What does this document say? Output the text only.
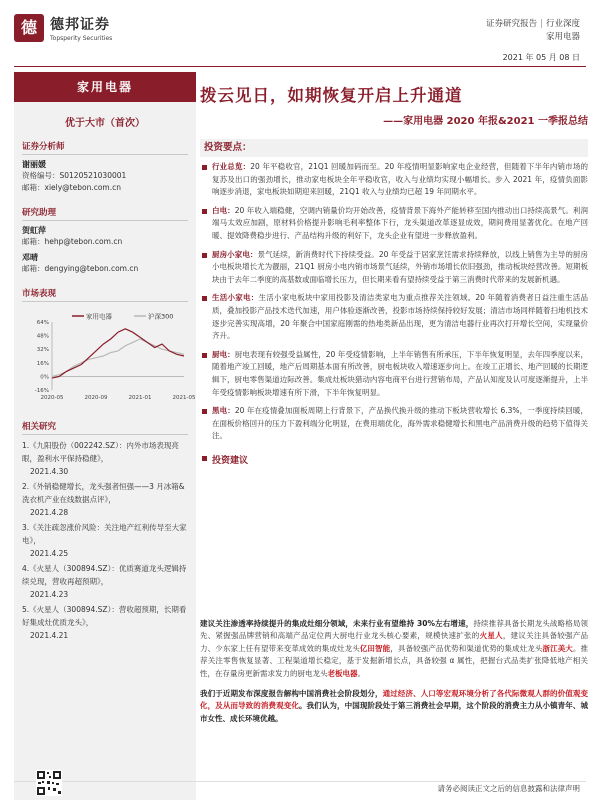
德 德邦证券
Topsperity Securities
证券研究报告 | 行业深度
家用电器
2021 年 05 月 08 日
家用电器
优于大市（首次）
证券分析师
谢丽媛
资格编号：S0120521030001
邮箱：xiely@tebon.com.cn
研究助理
贺虹萍
邮箱：hehp@tebon.com.cn
邓晴
邮箱：dengying@tebon.com.cn
市场表现
家用电器	沪深300
64%
48%
32%
16%
0%
-16%
2020-05	2020-09	2021-01	2021-05
相关研究
1.《九阳股份（002242.SZ）：内外市场表现亮眼，盈利水平保持稳健》，
2021.4.30
2.《外销稳健增长，龙头强者恒强——3 月冰箱&洗衣机产业在线数据点评》，
2021.4.28
3.《关注疏忽涨价风险：关注地产红利传导至大家电》，
2021.4.25
4.《火星人（300894.SZ）：优质赛道龙头逻辑持续兑现，营收再超预期》，
2021.4.23
5.《火星人（300894.SZ）：营收超预期，长期看好集成灶优质龙头》，
2021.4.21
拨云见日，如期恢复开启上升通道
——家用电器 2020 年报&2021 一季报总结
投资要点：
行业总览：20 年平稳收官，21Q1 回暖加码而至。20 年疫情明显影响家电企业经营，但随着下半年内销市场的复苏及出口的强劲增长，推动家电板块全年平稳收官，收入与业绩均实现小幅增长。步入 2021 年，疫情负面影响逐步消退，家电板块如期迎来回暖，21Q1 收入与业绩均已超 19 年同期水平。
白电：20 年收入端稳健，空调内销量价均开始改善，疫情背景下海外产能转移至国内推动出口持续高景气。利润端马太效应加剧，原材料价格提升影响毛利率整体下行，龙头渠道改革逐显成效，期间费用显著优化。在地产回暖、提效降费稳步进行、产品结构升级的利好下，龙头企业有望进一步释放盈利。
厨房小家电：景气延续，新消费时代下持续受益。20 年受益于居家烹饪需求持续释放，以线上销售为主导的厨房小电板块增长尤为靓丽，21Q1 厨房小电内销市场景气延续，外销市场增长依旧强劲，推动板块经营改善。短期板块由于去年二季度的高基数或面临增长压力，但长期来看有望持续受益于第三消费时代带来的发展新机遇。
生活小家电：生活小家电板块中家用投影及清洁类家电为重点推荐关注领域。20 年随着消费者日益注重生活品质，叠加投影产品技术迭代加速，用户体验逐渐改善，投影市场持续保持较好发展；清洁市场同样随着扫地机技术逐步完善实现高增，20 年聚合中国家庭刚需的热地类新品出现，更为清洁电器行业再次打开增长空间，实现量价齐升。
厨电：厨电表现有较强受益属性，20 年受疫情影响，上半年销售有所承压，下半年恢复明显，去年四季度以来，随着地产竣工回暖，地产后周期基本面有所改善，厨电板块收入增速逐步向上。在竣工正增长、地产回暖的长期逻辑下，厨电零售渠道边际改善。集成灶板块猎动内容电商平台进行营销布局，产品认知度及认可度逐渐提升，上半年受疫情影响板块增速有所下滑，下半年恢复明显。
黑电：20 年在疫情叠加面板周期上行背景下，产品换代换升级的推动下板块营收增长 6.3%，一季度持续回暖，在面板价格回升的压力下盈利端分化明显，在费用端优化，海外需求稳健增长和黑电产品消费升级的趋势下值得关注。
投资建议

建议关注渗透率持续提升的集成灶细分领域，未来行业有望维持 30%左右增速，持续推荐具备长期龙头战略格局领先、紧握强品牌营销和高端产品定位两大厨电行业龙头核心要素，规模快速扩张的火星人，建议关注具备较强产品力、少东家上任有望带来变革成效的集成灶龙头亿田智能，具备较强产品优势和渠道优势的集成灶龙头浙江美大。推荐关注零售恢复显著、工程渠道增长稳定，基于发掘新增长点，具备较强 α 属性，把握台式品类扩张降低地产相关性，在存量房更新需求发力的厨电龙头老板电器。

我们于近期发布深度报告解构中国消费社会阶段划分，通过经济、人口等宏观环境分析了各代际微观人群的价值观变化，及从而导致的消费观变化。我们认为，中国现阶段处于第三消费社会早期，这个阶段的消费主力从小镇青年、城市女性、成长环境优越。

请务必阅读正文之后的信息披露和法律声明
